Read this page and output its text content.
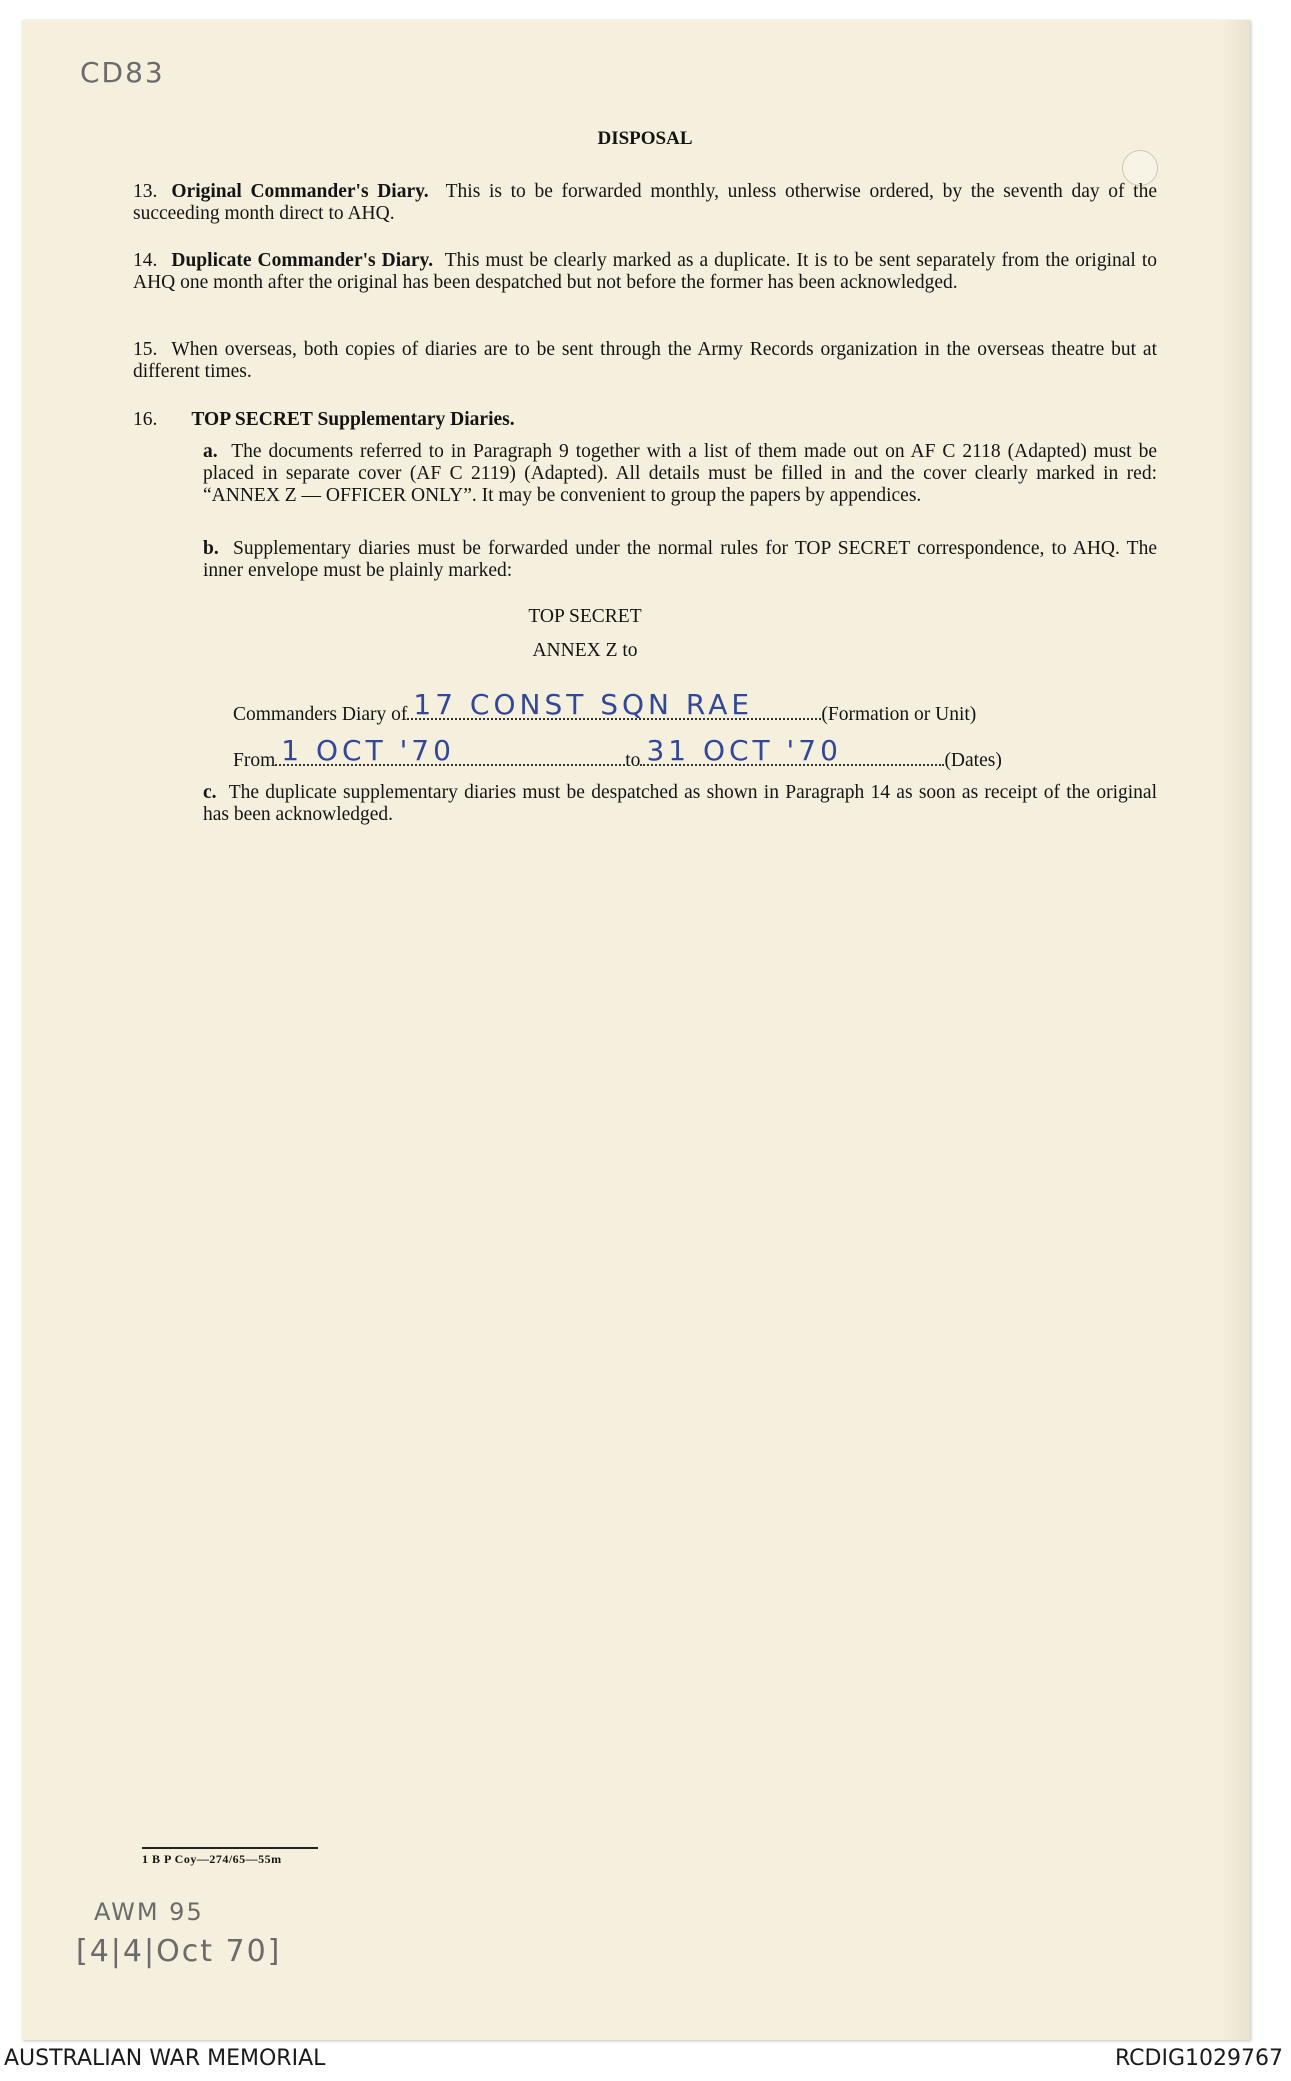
CD83
DISPOSAL
13. Original Commander's Diary. This is to be forwarded monthly, unless otherwise ordered, by the seventh day of the succeeding month direct to AHQ.
14. Duplicate Commander's Diary. This must be clearly marked as a duplicate. It is to be sent separately from the original to AHQ one month after the original has been despatched but not before the former has been acknowledged.
15. When overseas, both copies of diaries are to be sent through the Army Records organization in the overseas theatre but at different times.
16. TOP SECRET Supplementary Diaries.
a. The documents referred to in Paragraph 9 together with a list of them made out on AF C 2118 (Adapted) must be placed in separate cover (AF C 2119) (Adapted). All details must be filled in and the cover clearly marked in red: “ANNEX Z — OFFICER ONLY”. It may be convenient to group the papers by appendices.
b. Supplementary diaries must be forwarded under the normal rules for TOP SECRET correspondence, to AHQ. The inner envelope must be plainly marked:
TOP SECRET
ANNEX Z to
Commanders Diary of 17 CONST SQN RAE	(Formation or Unit)
From 1 OCT '70	to 31 OCT '70	(Dates)
c. The duplicate supplementary diaries must be despatched as shown in Paragraph 14 as soon as receipt of the original has been acknowledged.
1 B P Coy—274/65—55m
AWM 95
[4|4|Oct 70]
AUSTRALIAN WAR MEMORIAL	RCDIG1029767
